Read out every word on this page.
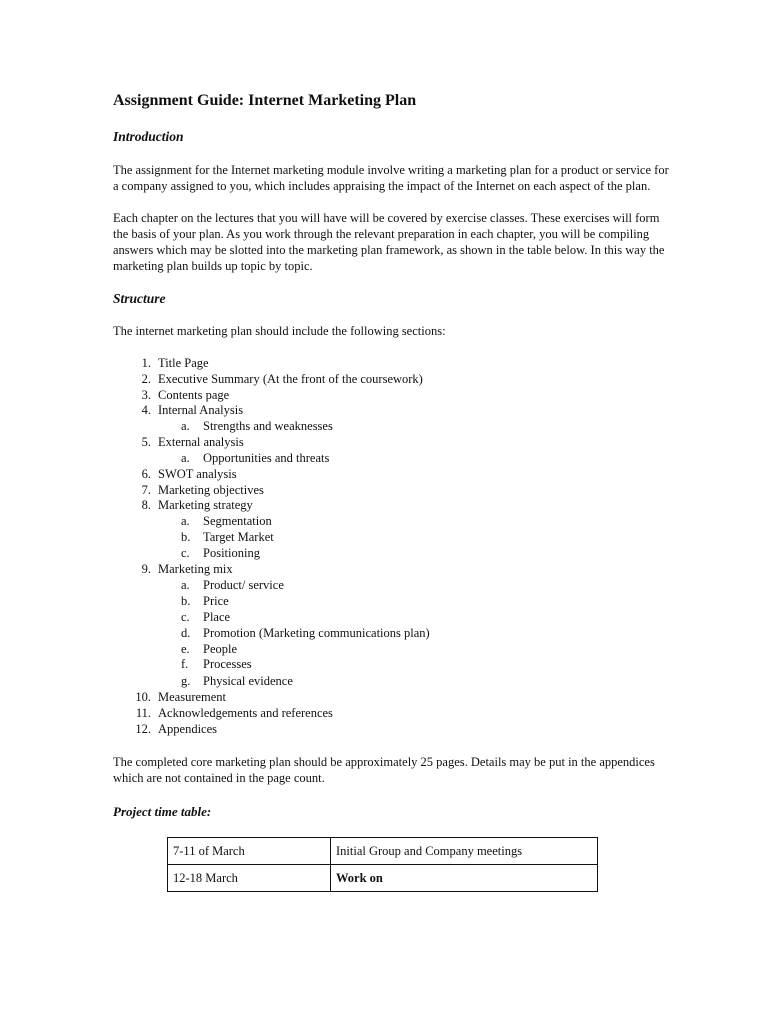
Assignment Guide: Internet Marketing Plan
Introduction
The assignment for the Internet marketing module involve writing a marketing plan for a product or service for a company assigned to you, which includes appraising the impact of the Internet on each aspect of the plan.
Each chapter on the lectures that you will have will be covered by exercise classes. These exercises will form the basis of your plan. As you work through the relevant preparation in each chapter, you will be compiling answers which may be slotted into the marketing plan framework, as shown in the table below. In this way the marketing plan builds up topic by topic.
Structure
The internet marketing plan should include the following sections:
1. Title Page
2. Executive Summary (At the front of the coursework)
3. Contents page
4. Internal Analysis
a. Strengths and weaknesses
5. External analysis
a. Opportunities and threats
6. SWOT analysis
7. Marketing objectives
8. Marketing strategy
a. Segmentation
b. Target Market
c. Positioning
9. Marketing mix
a. Product/ service
b. Price
c. Place
d. Promotion (Marketing communications plan)
e. People
f.	Processes
g. Physical evidence
10. Measurement
11. Acknowledgements and references
12. Appendices
The completed core marketing plan should be approximately 25 pages. Details may be put in the appendices which are not contained in the page count.
Project time table:
7-11 of March	Initial Group and Company meetings
12-18 March	Work on
